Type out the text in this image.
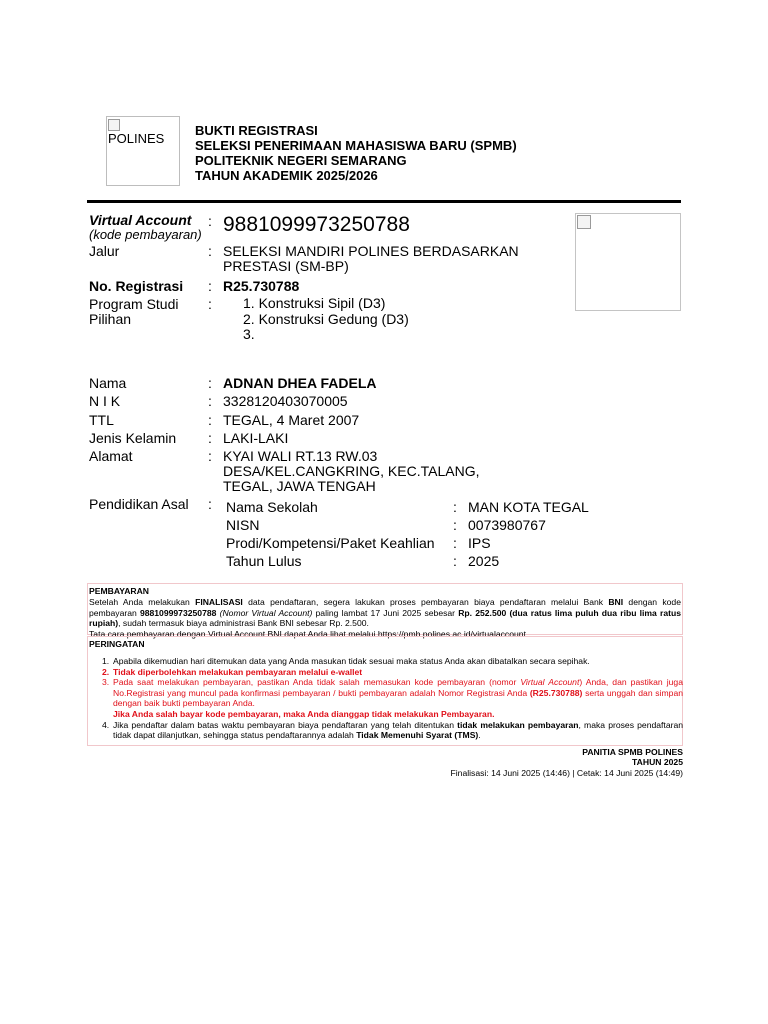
POLINES
BUKTI REGISTRASI
SELEKSI PENERIMAAN MAHASISWA BARU (SPMB)
POLITEKNIK NEGERI SEMARANG
TAHUN AKADEMIK 2025/2026
Virtual Account
(kode pembayaran)
: 9881099973250788
Jalur	: SELEKSI MANDIRI POLINES BERDASARKAN
PRESTASI (SM-BP)
No. Registrasi : R25.730788
Program Studi
Pilihan
: 1. Konstruksi Sipil (D3)
2. Konstruksi Gedung (D3)
3.
Nama	: ADNAN DHEA FADELA
N I K	: 3328120403070005
TTL	: TEGAL, 4 Maret 2007
Jenis Kelamin : LAKI-LAKI
Alamat	: KYAI WALI RT.13 RW.03
DESA/KEL.CANGKRING, KEC.TALANG,
TEGAL, JAWA TENGAH
Pendidikan Asal : Nama Sekolah	: MAN KOTA TEGAL
NISN	: 0073980767
Prodi/Kompetensi/Paket Keahlian : IPS
Tahun Lulus	: 2025
PEMBAYARAN
Setelah Anda melakukan FINALISASI data pendaftaran, segera lakukan proses pembayaran biaya pendaftaran melalui Bank BNI dengan kode pembayaran 9881099973250788 (Nomor Virtual Account) paling lambat 17 Juni 2025 sebesar Rp. 252.500 (dua ratus lima puluh dua ribu lima ratus rupiah), sudah termasuk biaya administrasi Bank BNI sebesar Rp. 2.500.
Tata cara pembayaran dengan Virtual Account BNI dapat Anda lihat melalui https://pmb.polines.ac.id/virtualaccount.
PERINGATAN
1. Apabila dikemudian hari ditemukan data yang Anda masukan tidak sesuai maka status Anda akan dibatalkan secara sepihak.
2. Tidak diperbolehkan melakukan pembayaran melalui e-wallet
3. Pada saat melakukan pembayaran, pastikan Anda tidak salah memasukan kode pembayaran (nomor Virtual Account) Anda, dan pastikan juga No.Registrasi yang muncul pada konfirmasi pembayaran / bukti pembayaran adalah Nomor Registrasi Anda (R25.730788) serta unggah dan simpan dengan baik bukti pembayaran Anda.
Jika Anda salah bayar kode pembayaran, maka Anda dianggap tidak melakukan Pembayaran.
4. Jika pendaftar dalam batas waktu pembayaran biaya pendaftaran yang telah ditentukan tidak melakukan pembayaran, maka proses pendaftaran tidak dapat dilanjutkan, sehingga status pendaftarannya adalah Tidak Memenuhi Syarat (TMS).
PANITIA SPMB POLINES
TAHUN 2025
Finalisasi: 14 Juni 2025 (14:46) | Cetak: 14 Juni 2025 (14:49)
